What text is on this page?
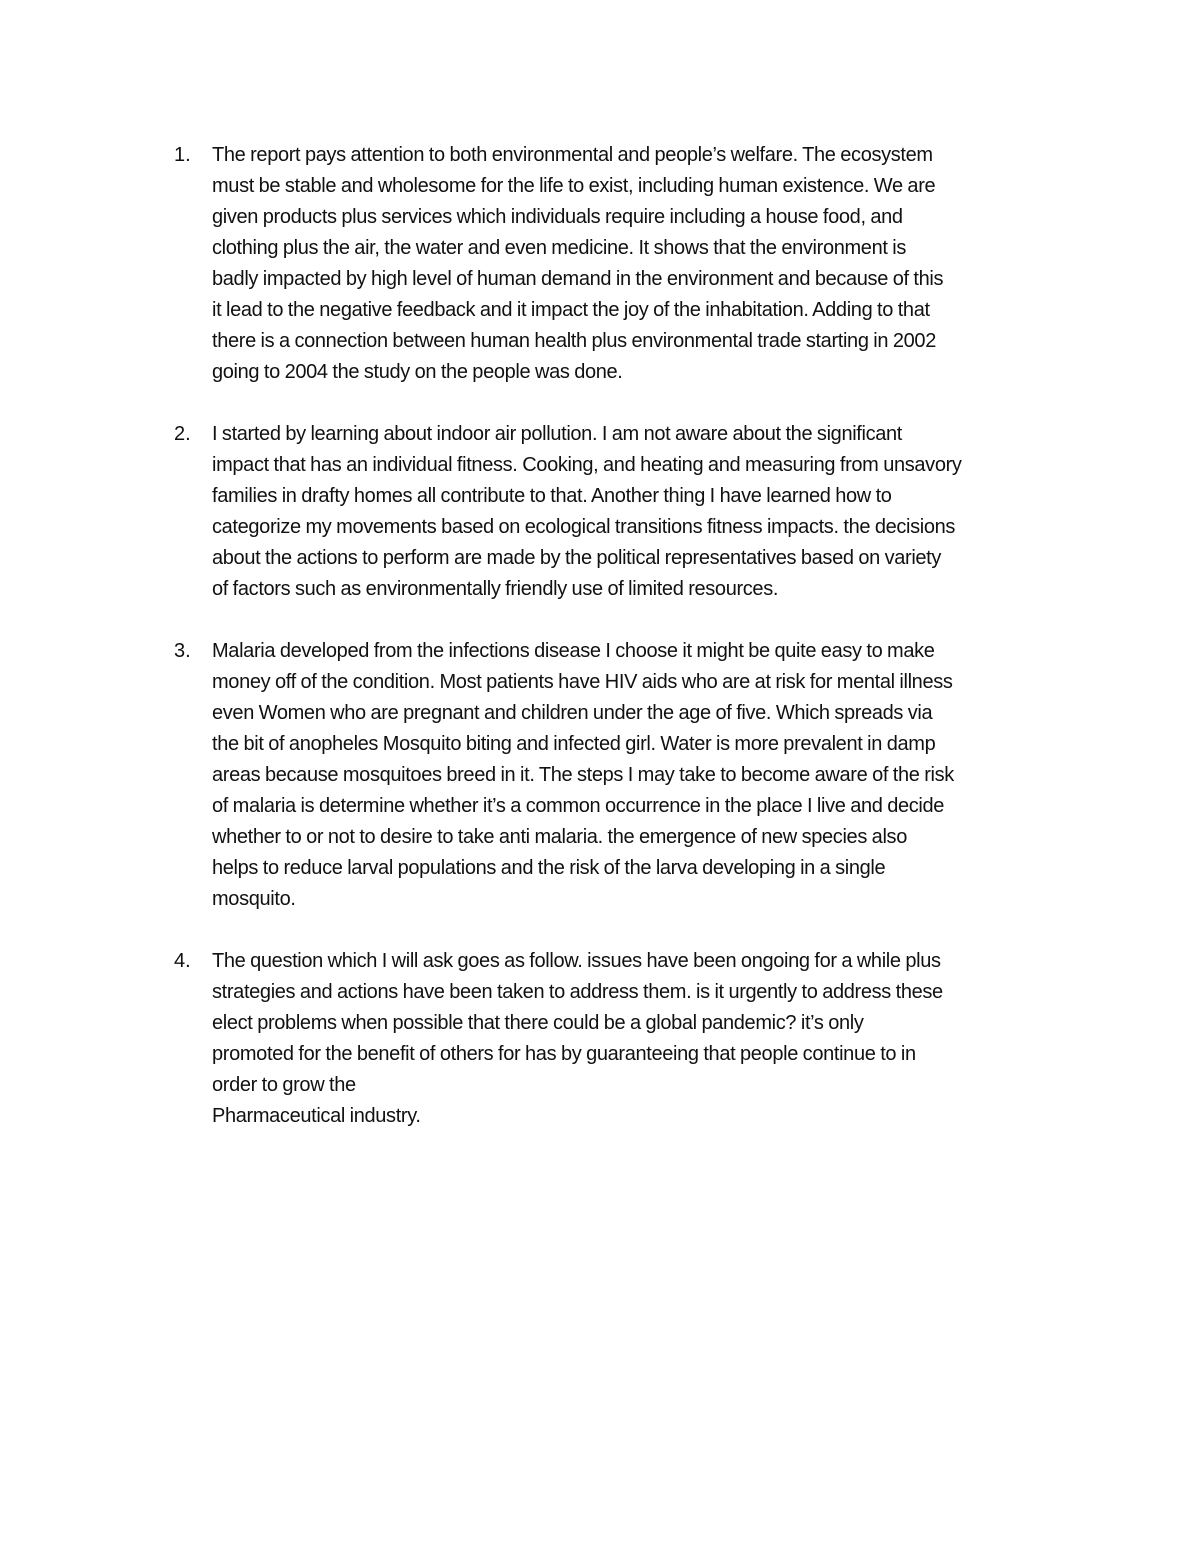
1.	The report pays attention to both environmental and people’s welfare. The ecosystem
must be stable and wholesome for the life to exist, including human existence. We are
given products plus services which individuals require including a house food, and
clothing plus the air, the water and even medicine. It shows that the environment is
badly impacted by high level of human demand in the environment and because of this
it lead to the negative feedback and it impact the joy of the inhabitation. Adding to that
there is a connection between human health plus environmental trade starting in 2002
going to 2004 the study on the people was done.
2.	I started by learning about indoor air pollution. I am not aware about the significant
impact that has an individual fitness. Cooking, and heating and measuring from unsavory
families in drafty homes all contribute to that. Another thing I have learned how to
categorize my movements based on ecological transitions fitness impacts. the decisions
about the actions to perform are made by the political representatives based on variety
of factors such as environmentally friendly use of limited resources.
3.	Malaria developed from the infections disease I choose it might be quite easy to make
money off of the condition. Most patients have HIV aids who are at risk for mental illness
even Women who are pregnant and children under the age of five. Which spreads via
the bit of anopheles Mosquito biting and infected girl. Water is more prevalent in damp
areas because mosquitoes breed in it. The steps I may take to become aware of the risk
of malaria is determine whether it’s a common occurrence in the place I live and decide
whether to or not to desire to take anti malaria. the emergence of new species also
helps to reduce larval populations and the risk of the larva developing in a single
mosquito.
4.	The question which I will ask goes as follow. issues have been ongoing for a while plus
strategies and actions have been taken to address them. is it urgently to address these
elect problems when possible that there could be a global pandemic? it’s only
promoted for the benefit of others for has by guaranteeing that people continue to in
order to grow the
Pharmaceutical industry.
